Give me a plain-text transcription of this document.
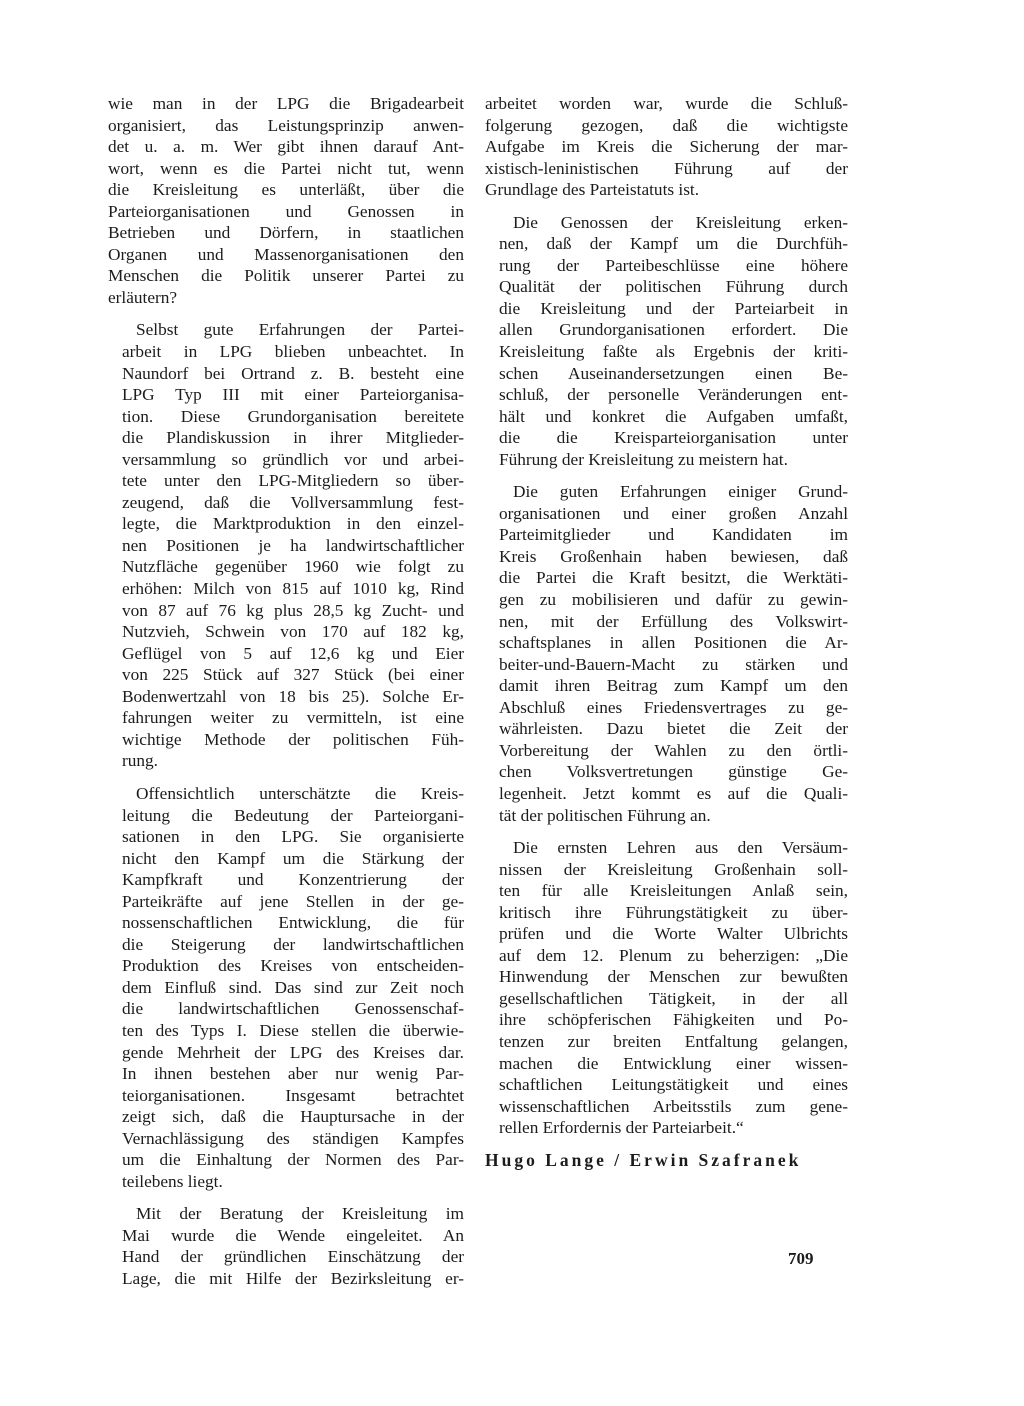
wie man in der LPG die Brigadearbeit
organisiert, das Leistungsprinzip anwen-
det u. a. m. Wer gibt ihnen darauf Ant-
wort, wenn es die Partei nicht tut, wenn
die Kreisleitung es unterläßt, über die
Parteiorganisationen und Genossen in
Betrieben und Dörfern, in staatlichen
Organen und Massenorganisationen den
Menschen die Politik unserer Partei zu
erläutern?

Selbst gute Erfahrungen der Partei-
arbeit in LPG blieben unbeachtet. In
Naundorf bei Ortrand z. B. besteht eine
LPG Typ III mit einer Parteiorganisa-
tion. Diese Grundorganisation bereitete
die Plandiskussion in ihrer Mitglieder-
versammlung so gründlich vor und arbei-
tete unter den LPG-Mitgliedern so über-
zeugend, daß die Vollversammlung fest-
legte, die Marktproduktion in den einzel-
nen Positionen je ha landwirtschaftlicher
Nutzfläche gegenüber 1960 wie folgt zu
erhöhen: Milch von 815 auf 1010 kg, Rind
von 87 auf 76 kg plus 28,5 kg Zucht- und
Nutzvieh, Schwein von 170 auf 182 kg,
Geflügel von 5 auf 12,6 kg und Eier
von 225 Stück auf 327 Stück (bei einer
Bodenwertzahl von 18 bis 25). Solche Er-
fahrungen weiter zu vermitteln, ist eine
wichtige Methode der politischen Füh-
rung.

Offensichtlich unterschätzte die Kreis-
leitung die Bedeutung der Parteiorgani-
sationen in den LPG. Sie organisierte
nicht den Kampf um die Stärkung der
Kampfkraft und Konzentrierung der
Parteikräfte auf jene Stellen in der ge-
nossenschaftlichen Entwicklung, die für
die Steigerung der landwirtschaftlichen
Produktion des Kreises von entscheiden-
dem Einfluß sind. Das sind zur Zeit noch
die landwirtschaftlichen Genossenschaf-
ten des Typs I. Diese stellen die überwie-
gende Mehrheit der LPG des Kreises dar.
In ihnen bestehen aber nur wenig Par-
teiorganisationen. Insgesamt betrachtet
zeigt sich, daß die Hauptursache in der
Vernachlässigung des ständigen Kampfes
um die Einhaltung der Normen des Par-
teilebens liegt.

Mit der Beratung der Kreisleitung im
Mai wurde die Wende eingeleitet. An
Hand der gründlichen Einschätzung der
Lage, die mit Hilfe der Bezirksleitung er-

arbeitet worden war, wurde die Schluß-
folgerung gezogen, daß die wichtigste
Aufgabe im Kreis die Sicherung der mar-
xistisch-leninistischen Führung auf der
Grundlage des Parteistatuts ist.

Die Genossen der Kreisleitung erken-
nen, daß der Kampf um die Durchfüh-
rung der Parteibeschlüsse eine höhere
Qualität der politischen Führung durch
die Kreisleitung und der Parteiarbeit in
allen Grundorganisationen erfordert. Die
Kreisleitung faßte als Ergebnis der kriti-
schen Auseinandersetzungen einen Be-
schluß, der personelle Veränderungen ent-
hält und konkret die Aufgaben umfaßt,
die die Kreisparteiorganisation unter
Führung der Kreisleitung zu meistern hat.

Die guten Erfahrungen einiger Grund-
organisationen und einer großen Anzahl
Parteimitglieder und Kandidaten im
Kreis Großenhain haben bewiesen, daß
die Partei die Kraft besitzt, die Werktäti-
gen zu mobilisieren und dafür zu gewin-
nen, mit der Erfüllung des Volkswirt-
schaftsplanes in allen Positionen die Ar-
beiter-und-Bauern-Macht zu stärken und
damit ihren Beitrag zum Kampf um den
Abschluß eines Friedensvertrages zu ge-
währleisten. Dazu bietet die Zeit der
Vorbereitung der Wahlen zu den örtli-
chen Volksvertretungen günstige Ge-
legenheit. Jetzt kommt es auf die Quali-
tät der politischen Führung an.

Die ernsten Lehren aus den Versäum-
nissen der Kreisleitung Großenhain soll-
ten für alle Kreisleitungen Anlaß sein,
kritisch ihre Führungstätigkeit zu über-
prüfen und die Worte Walter Ulbrichts
auf dem 12. Plenum zu beherzigen: „Die
Hinwendung der Menschen zur bewußten
gesellschaftlichen Tätigkeit, in der all
ihre schöpferischen Fähigkeiten und Po-
tenzen zur breiten Entfaltung gelangen,
machen die Entwicklung einer wissen-
schaftlichen Leitungstätigkeit und eines
wissenschaftlichen Arbeitsstils zum gene-
rellen Erfordernis der Parteiarbeit.“

Hugo Lange / Erwin Szafranek
709
